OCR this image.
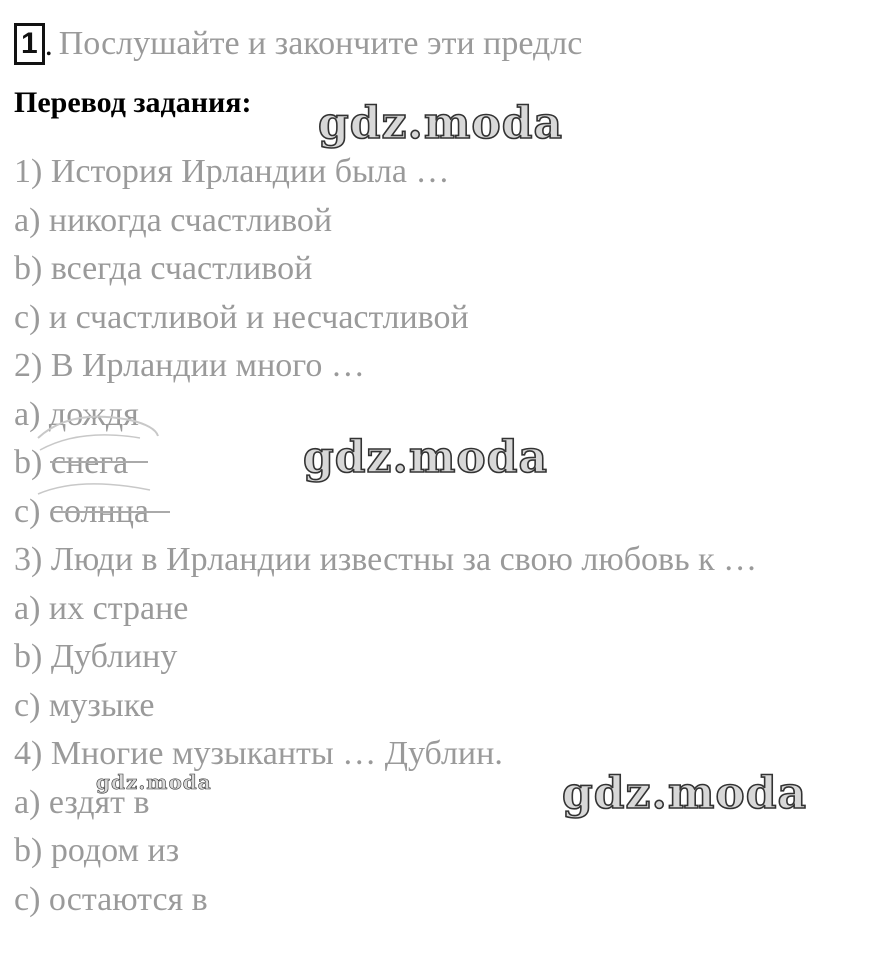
1 . Послушайте и закончите эти предлс
Перевод задания:
1) История Ирландии была …
a) никогда счастливой
b) всегда счастливой
c) и счастливой и несчастливой
2) В Ирландии много …
a) дождя
b) снега
c) солнца
3) Люди в Ирландии известны за свою любовь к …
a) их стране
b) Дублину
c) музыке
4) Многие музыканты … Дублин.
a) ездят в
b) родом из
c) остаются в
gdz.moda
gdz.moda
gdz.moda
gdz.moda
